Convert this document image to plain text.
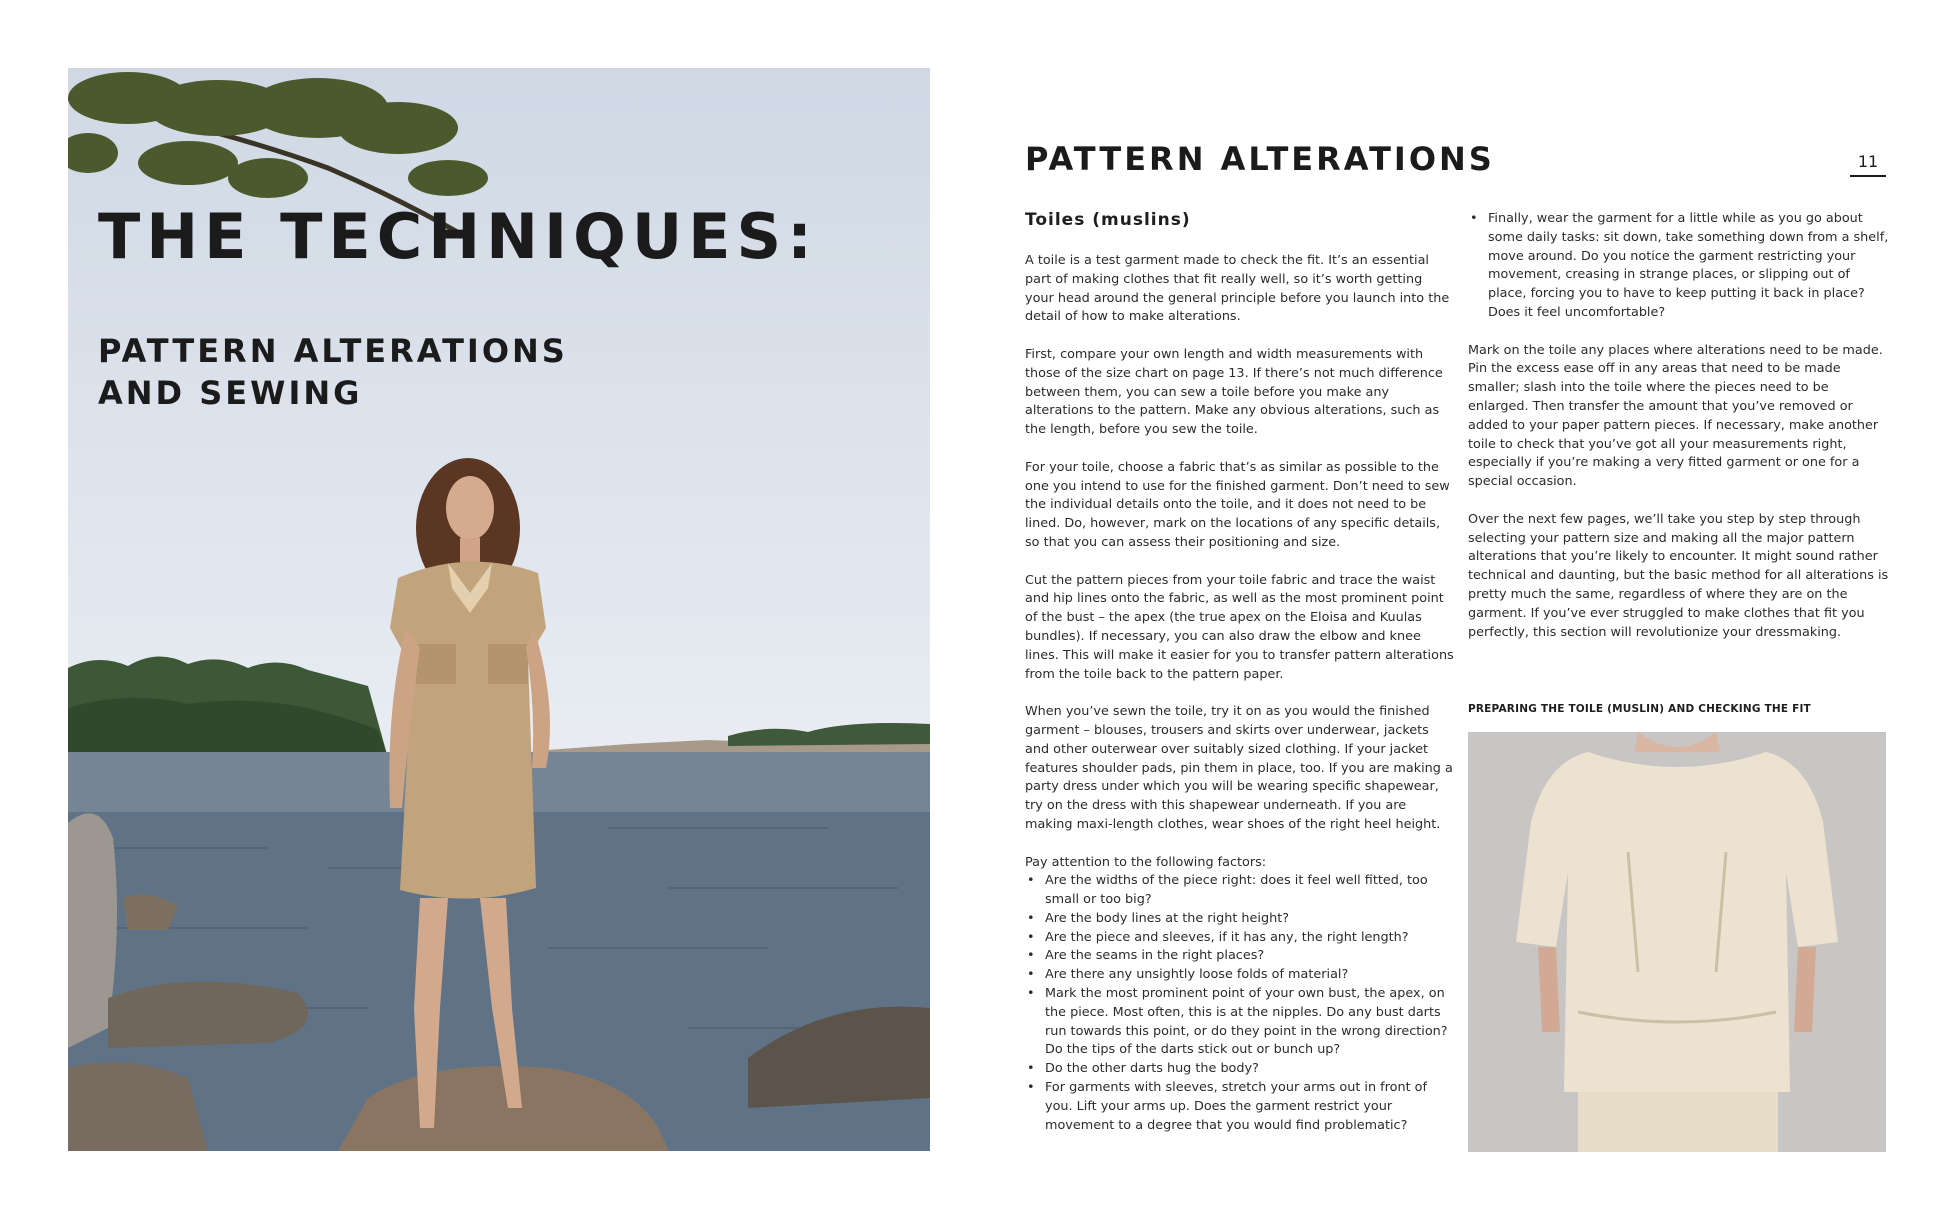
THE TECHNIQUES:
PATTERN ALTERATIONS
AND SEWING
PATTERN ALTERATIONS	11
Toiles (muslins)

A toile is a test garment made to check the fit. It’s an essential part of making clothes that fit really well, so it’s worth getting your head around the general principle before you launch into the detail of how to make alterations.

First, compare your own length and width measurements with those of the size chart on page 13. If there’s not much difference between them, you can sew a toile before you make any alterations to the pattern. Make any obvious alterations, such as the length, before you sew the toile.

For your toile, choose a fabric that’s as similar as possible to the one you intend to use for the finished garment. Don’t need to sew the individual details onto the toile, and it does not need to be lined. Do, however, mark on the locations of any specific details, so that you can assess their positioning and size.

Cut the pattern pieces from your toile fabric and trace the waist and hip lines onto the fabric, as well as the most prominent point of the bust – the apex (the true apex on the Eloisa and Kuulas bundles). If necessary, you can also draw the elbow and knee lines. This will make it easier for you to transfer pattern alterations from the toile back to the pattern paper.

When you’ve sewn the toile, try it on as you would the finished garment – blouses, trousers and skirts over underwear, jackets and other outerwear over suitably sized clothing. If your jacket features shoulder pads, pin them in place, too. If you are making a party dress under which you will be wearing specific shapewear, try on the dress with this shapewear underneath. If you are making maxi-length clothes, wear shoes of the right heel height.

Pay attention to the following factors:
• Are the widths of the piece right: does it feel well fitted, too small or too big?
• Are the body lines at the right height?
• Are the piece and sleeves, if it has any, the right length?
• Are the seams in the right places?
• Are there any unsightly loose folds of material?
• Mark the most prominent point of your own bust, the apex, on the piece. Most often, this is at the nipples. Do any bust darts run towards this point, or do they point in the wrong direction? Do the tips of the darts stick out or bunch up?
• Do the other darts hug the body?
• For garments with sleeves, stretch your arms out in front of you. Lift your arms up. Does the garment restrict your movement to a degree that you would find problematic?
• Finally, wear the garment for a little while as you go about some daily tasks: sit down, take something down from a shelf, move around. Do you notice the garment restricting your movement, creasing in strange places, or slipping out of place, forcing you to have to keep putting it back in place? Does it feel uncomfortable?

Mark on the toile any places where alterations need to be made. Pin the excess ease off in any areas that need to be made smaller; slash into the toile where the pieces need to be enlarged. Then transfer the amount that you’ve removed or added to your paper pattern pieces. If necessary, make another toile to check that you’ve got all your measurements right, especially if you’re making a very fitted garment or one for a special occasion.

Over the next few pages, we’ll take you step by step through selecting your pattern size and making all the major pattern alterations that you’re likely to encounter. It might sound rather technical and daunting, but the basic method for all alterations is pretty much the same, regardless of where they are on the garment. If you’ve ever struggled to make clothes that fit you perfectly, this section will revolutionize your dressmaking.

PREPARING THE TOILE (MUSLIN) AND CHECKING THE FIT
